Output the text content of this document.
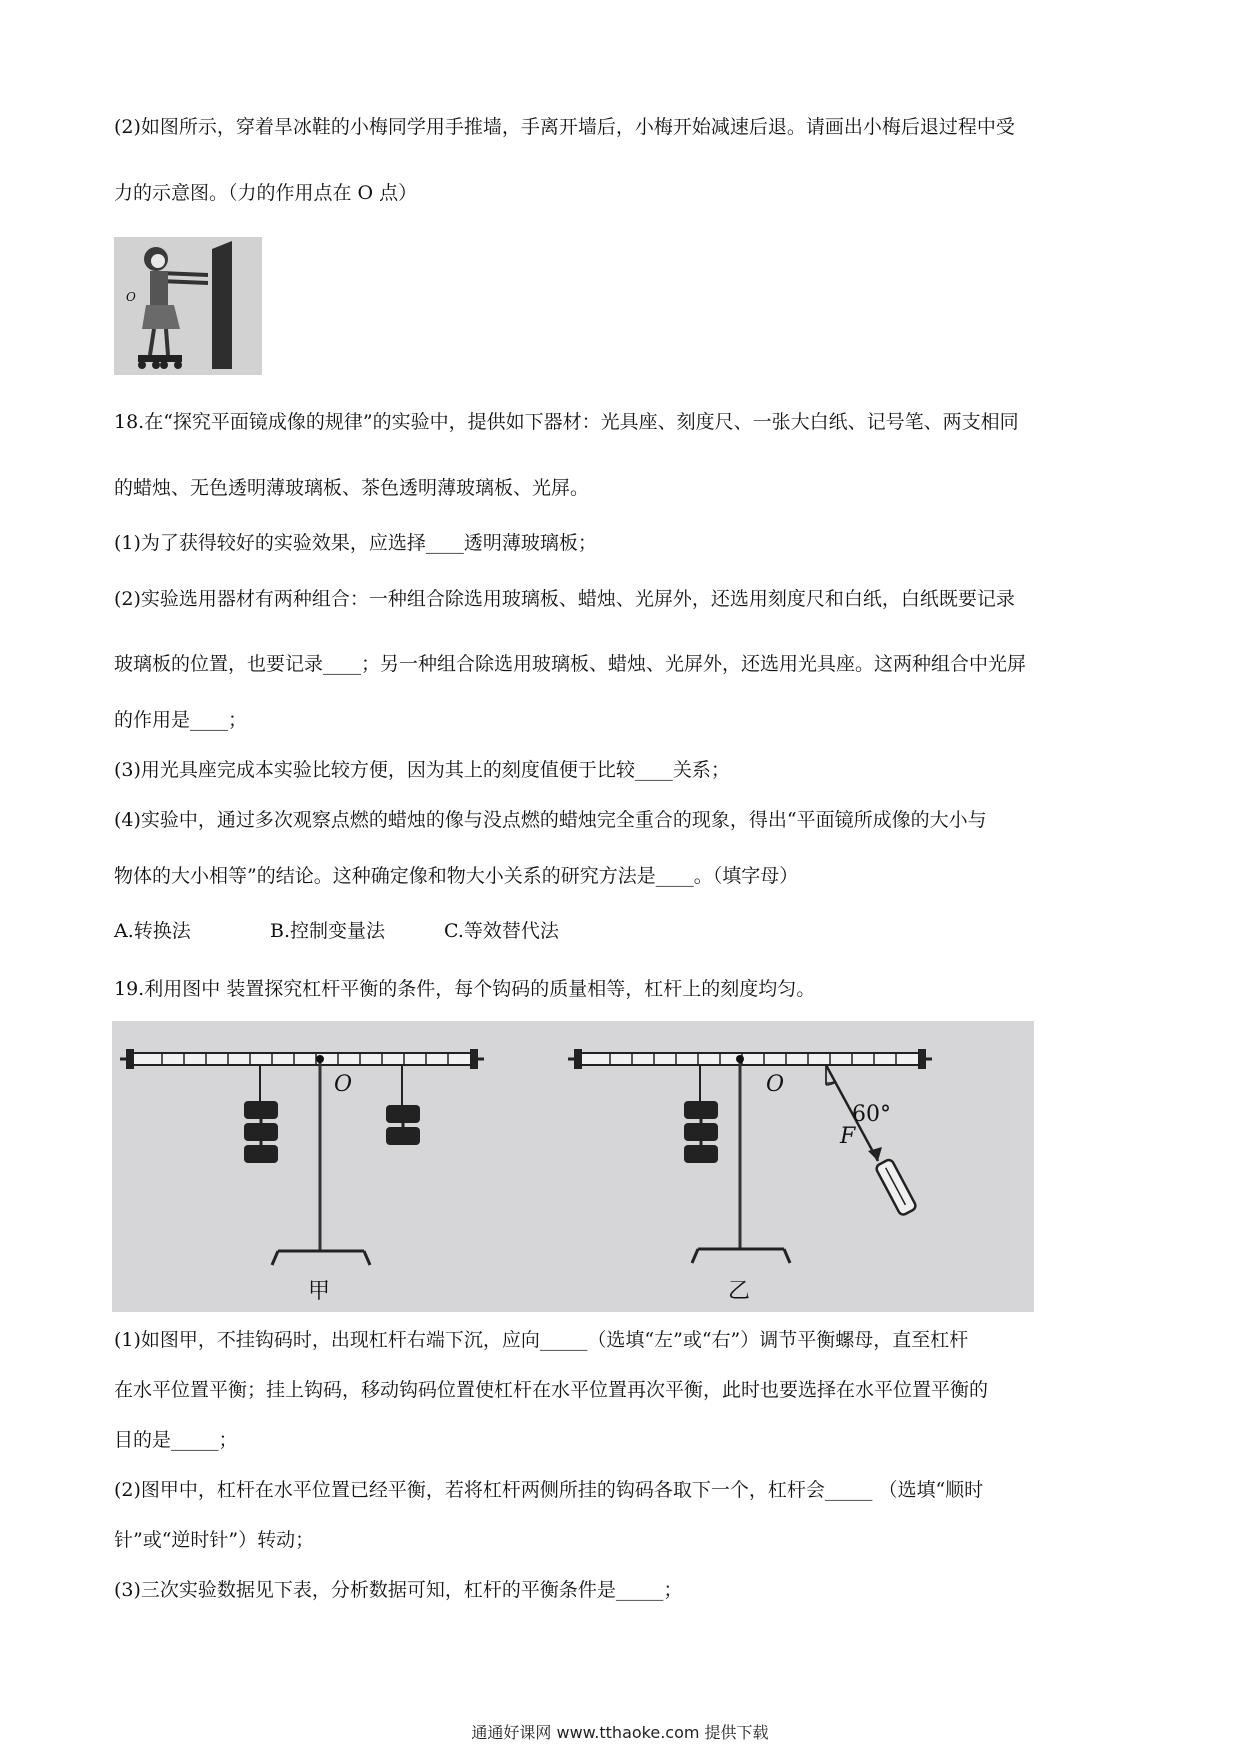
(2)如图所示，穿着旱冰鞋的小梅同学用手推墙，手离开墙后，小梅开始减速后退。请画出小梅后退过程中受
力的示意图。（力的作用点在 O 点）
O
18.在“探究平面镜成像的规律”的实验中，提供如下器材：光具座、刻度尺、一张大白纸、记号笔、两支相同
的蜡烛、无色透明薄玻璃板、茶色透明薄玻璃板、光屏。
(1)为了获得较好的实验效果，应选择____透明薄玻璃板；
(2)实验选用器材有两种组合：一种组合除选用玻璃板、蜡烛、光屏外，还选用刻度尺和白纸，白纸既要记录
玻璃板的位置，也要记录____；另一种组合除选用玻璃板、蜡烛、光屏外，还选用光具座。这两种组合中光屏
的作用是____；
(3)用光具座完成本实验比较方便，因为其上的刻度值便于比较____关系；
(4)实验中，通过多次观察点燃的蜡烛的像与没点燃的蜡烛完全重合的现象，得出“平面镜所成像的大小与
物体的大小相等”的结论。这种确定像和物大小关系的研究方法是____。（填字母）
A.转换法	B.控制变量法	C.等效替代法
19.利用图中 装置探究杠杆平衡的条件，每个钩码的质量相等，杠杆上的刻度均匀。
O
甲
O
60°
F
乙
(1)如图甲，不挂钩码时，出现杠杆右端下沉，应向_____（选填“左”或“右”）调节平衡螺母，直至杠杆
在水平位置平衡；挂上钩码，移动钩码位置使杠杆在水平位置再次平衡，此时也要选择在水平位置平衡的
目的是_____；
(2)图甲中，杠杆在水平位置已经平衡，若将杠杆两侧所挂的钩码各取下一个，杠杆会_____ （选填“顺时
针”或“逆时针”）转动；
(3)三次实验数据见下表，分析数据可知，杠杆的平衡条件是_____；
通通好课网 www.tthaoke.com 提供下载
